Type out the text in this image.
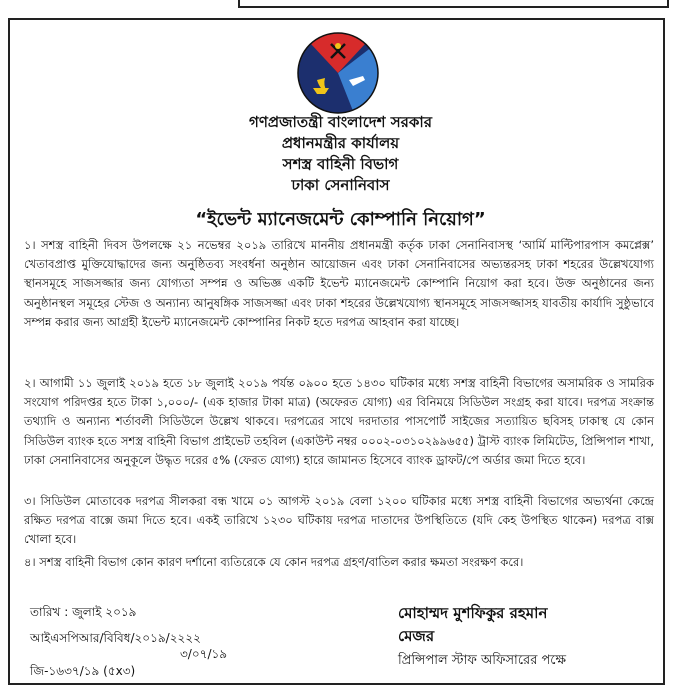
গণপ্রজাতন্ত্রী বাংলাদেশ সরকার
প্রধানমন্ত্রীর কার্যালয়
সশস্ত্র বাহিনী বিভাগ
ঢাকা সেনানিবাস
“ইভেন্ট ম্যানেজমেন্ট কোম্পানি নিয়োগ”
১। সশস্ত্র বাহিনী দিবস উপলক্ষে ২১ নভেম্বর ২০১৯ তারিখে মাননীয় প্রধানমন্ত্রী কর্তৃক ঢাকা সেনানিবাসস্থ ‘আর্মি মাল্টিপারপাস কমপ্লেক্স’ খেতাবপ্রাপ্ত মুক্তিযোদ্ধাদের জন্য অনুষ্ঠিতব্য সংবর্ধনা অনুষ্ঠান আয়োজন এবং ঢাকা সেনানিবাসের অভ্যন্তরসহ ঢাকা শহরের উল্লেখযোগ্য স্থানসমূহে সাজসজ্জার জন্য যোগ্যতা সম্পন্ন ও অভিজ্ঞ একটি ইভেন্ট ম্যানেজমেন্ট কোম্পানি নিয়োগ করা হবে। উক্ত অনুষ্ঠানের জন্য অনুষ্ঠানস্থল সমূহের স্টেজ ও অন্যান্য আনুষঙ্গিক সাজসজ্জা এবং ঢাকা শহরের উল্লেখযোগ্য স্থানসমূহে সাজসজ্জাসহ যাবতীয় কার্যাদি সুষ্ঠুভাবে সম্পন্ন করার জন্য আগ্রহী ইভেন্ট ম্যানেজমেন্ট কোম্পানির নিকট হতে দরপত্র আহবান করা যাচ্ছে।
২। আগামী ১১ জুলাই ২০১৯ হতে ১৮ জুলাই ২০১৯ পর্যন্ত ০৯০০ হতে ১৪৩০ ঘটিকার মধ্যে সশস্ত্র বাহিনী বিভাগের অসামরিক ও সামরিক সংযোগ পরিদপ্তর হতে টাকা ১,০০০/- (এক হাজার টাকা মাত্র) (অফেরত যোগ্য) এর বিনিময়ে সিডিউল সংগ্রহ করা যাবে। দরপত্র সংক্রান্ত তথ্যাদি ও অন্যান্য শর্তাবলী সিডিউলে উল্লেখ থাকবে। দরপত্রের সাথে দরদাতার পাসপোর্ট সাইজের সত্যায়িত ছবিসহ ঢাকাস্থ যে কোন সিডিউল ব্যাংক হতে সশস্ত্র বাহিনী বিভাগ প্রাইভেট তহবিল (একাউন্ট নম্বর ০০০২-০৩১০২৯৯৬৫৫) ট্রাস্ট ব্যাংক লিমিটেড, প্রিন্সিপাল শাখা, ঢাকা সেনানিবাসের অনুকূলে উদ্ধৃত দরের ৫% (ফেরত যোগ্য) হারে জামানত হিসেবে ব্যাংক ড্রাফট/পে অর্ডার জমা দিতে হবে।
৩। সিডিউল মোতাবেক দরপত্র সীলকরা বন্ধ খামে ০১ আগস্ট ২০১৯ বেলা ১২০০ ঘটিকার মধ্যে সশস্ত্র বাহিনী বিভাগের অভ্যর্থনা কেন্দ্রে রক্ষিত দরপত্র বাক্সে জমা দিতে হবে। একই তারিখে ১২৩০ ঘটিকায় দরপত্র দাতাদের উপস্থিতিতে (যদি কেহ উপস্থিত থাকেন) দরপত্র বাক্স খোলা হবে।
৪। সশস্ত্র বাহিনী বিভাগ কোন কারণ দর্শানো ব্যতিরেকে যে কোন দরপত্র গ্রহণ/বাতিল করার ক্ষমতা সংরক্ষণ করে।
তারিখ : জুলাই ২০১৯
আইএসপিআর/বিবিধ/২০১৯/২২২২
৩/০৭/১৯
জি-১৬৩৭/১৯ (৫x৩)
মোহাম্মদ মুশফিকুর রহমান
মেজর
প্রিন্সিপাল স্টাফ অফিসারের পক্ষে
